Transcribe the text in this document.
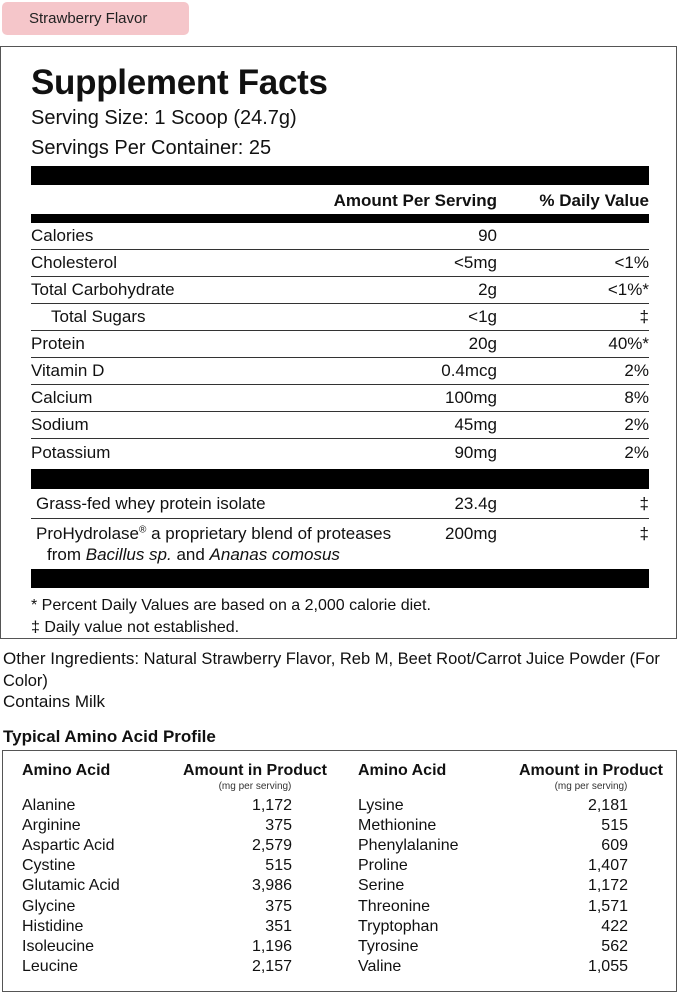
Strawberry Flavor
Supplement Facts
Serving Size: 1 Scoop (24.7g)
Servings Per Container: 25
Amount Per Serving % Daily Value
Calories	90
Cholesterol	<5mg	<1%
Total Carbohydrate	2g	<1%*
Total Sugars	<1g	‡
Protein	20g	40%*
Vitamin D	0.4mcg	2%
Calcium	100mg	8%
Sodium	45mg	2%
Potassium	90mg	2%
Grass-fed whey protein isolate	23.4g	‡
ProHydrolase® a proprietary blend of proteases
from Bacillus sp. and Ananas comosus
200mg	‡
* Percent Daily Values are based on a 2,000 calorie diet.
‡ Daily value not established.
Other Ingredients: Natural Strawberry Flavor, Reb M, Beet Root/Carrot Juice Powder (For Color)
Contains Milk
Typical Amino Acid Profile
Amino Acid	Amount in Product
(mg per serving)
Alanine	1,172
Arginine	375
Aspartic Acid	2,579
Cystine	515
Glutamic Acid	3,986
Glycine	375
Histidine	351
Isoleucine	1,196
Leucine	2,157
Amino Acid	Amount in Product
(mg per serving)
Lysine	2,181
Methionine	515
Phenylalanine	609
Proline	1,407
Serine	1,172
Threonine	1,571
Tryptophan	422
Tyrosine	562
Valine	1,055
